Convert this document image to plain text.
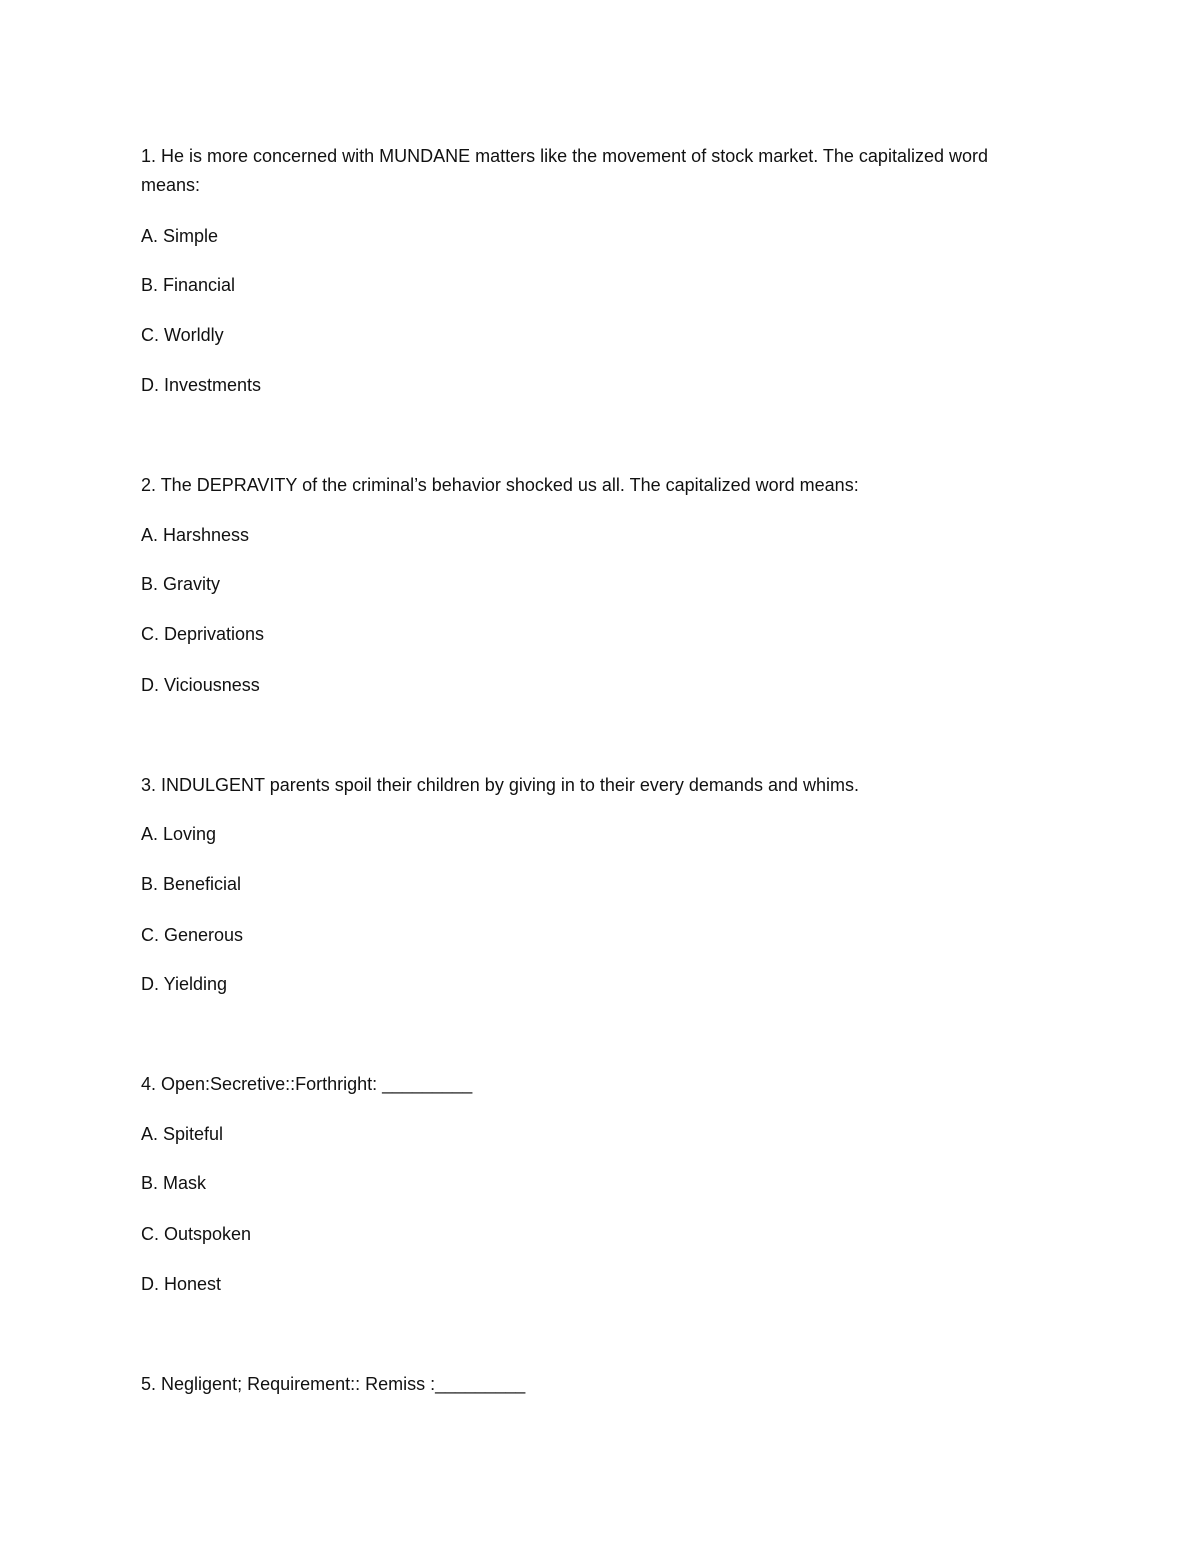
1. He is more concerned with MUNDANE matters like the movement of stock market. The capitalized word means:

A. Simple

B. Financial

C. Worldly

D. Investments

2. The DEPRAVITY of the criminal’s behavior shocked us all. The capitalized word means:

A. Harshness

B. Gravity

C. Deprivations

D. Viciousness

3. INDULGENT parents spoil their children by giving in to their every demands and whims.

A. Loving

B. Beneficial

C. Generous

D. Yielding

4. Open:Secretive::Forthright: _________

A. Spiteful

B. Mask

C. Outspoken

D. Honest

5. Negligent; Requirement:: Remiss :_________
